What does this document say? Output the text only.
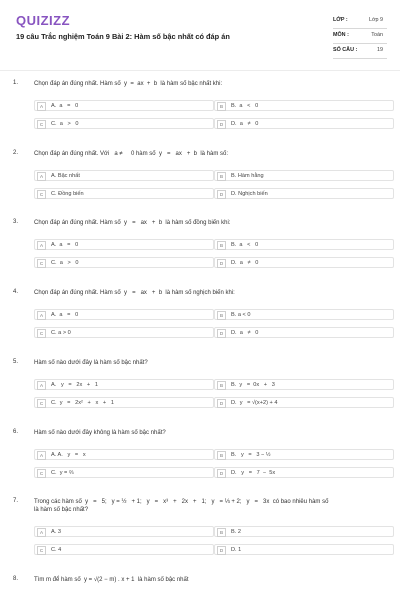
QUIZIZZ
19 câu Trắc nghiệm Toán 9 Bài 2: Hàm số bậc nhất có đáp án
LỚP :	Lớp 9
MÔN :	Toán
SỐ CÂU :	19
1.	Chọn đáp án đúng nhất. Hàm số  y  =  ax  +  b  là hàm số bậc nhất khi:
A	A.  a   =   0	B	B.  a   <   0
C	C.  a   >   0	D	D.  a   ≠   0
2.	Chọn đáp án đúng nhất. Với   a ≠     0 hàm số  y   =   ax   +  b  là hàm số:
A	A. Bậc nhất	B	B. Hàm hằng
C	C. Đồng biến	D	D. Nghịch biến
3.	Chọn đáp án đúng nhất. Hàm số  y   =   ax   +  b  là hàm số đồng biến khi:
A	A.  a   =   0	B	B.  a   <   0
C	C.  a   >   0	D	D.  a   ≠   0
4.	Chọn đáp án đúng nhất. Hàm số  y   =   ax   +  b  là hàm số nghịch biến khi:
A	A.  a   =   0	B	B. a < 0
C	C. a > 0	D	D.  a   ≠   0
5.	Hàm số nào dưới đây là hàm số bậc nhất?
A	A.   y   =   2x   +   1	B	B.  y   =  0x   +   3
C	C.  y   =   2x²   +   x   +   1	D	D.  y   = √(x+2) + 4
6.	Hàm số nào dưới đây không là hàm số bậc nhất?
A	A. A.   y   =   x	B	B.   y   =   3 − ½
C	C.  y = ⅔	D	D.   y   =   7  −  5x
7.	Trong các hàm số  y   =   5;   y = ½   + 1;   y   =   x³   +   2x   +   1;   y   = ⅓ + 2;   y   =   3x  có bao nhiêu hàm số
là hàm số bậc nhất?
A	A. 3	B	B. 2
C	C. 4	D	D. 1
8.	Tìm m để hàm số  y = √(2 − m) . x + 1  là hàm số bậc nhất
